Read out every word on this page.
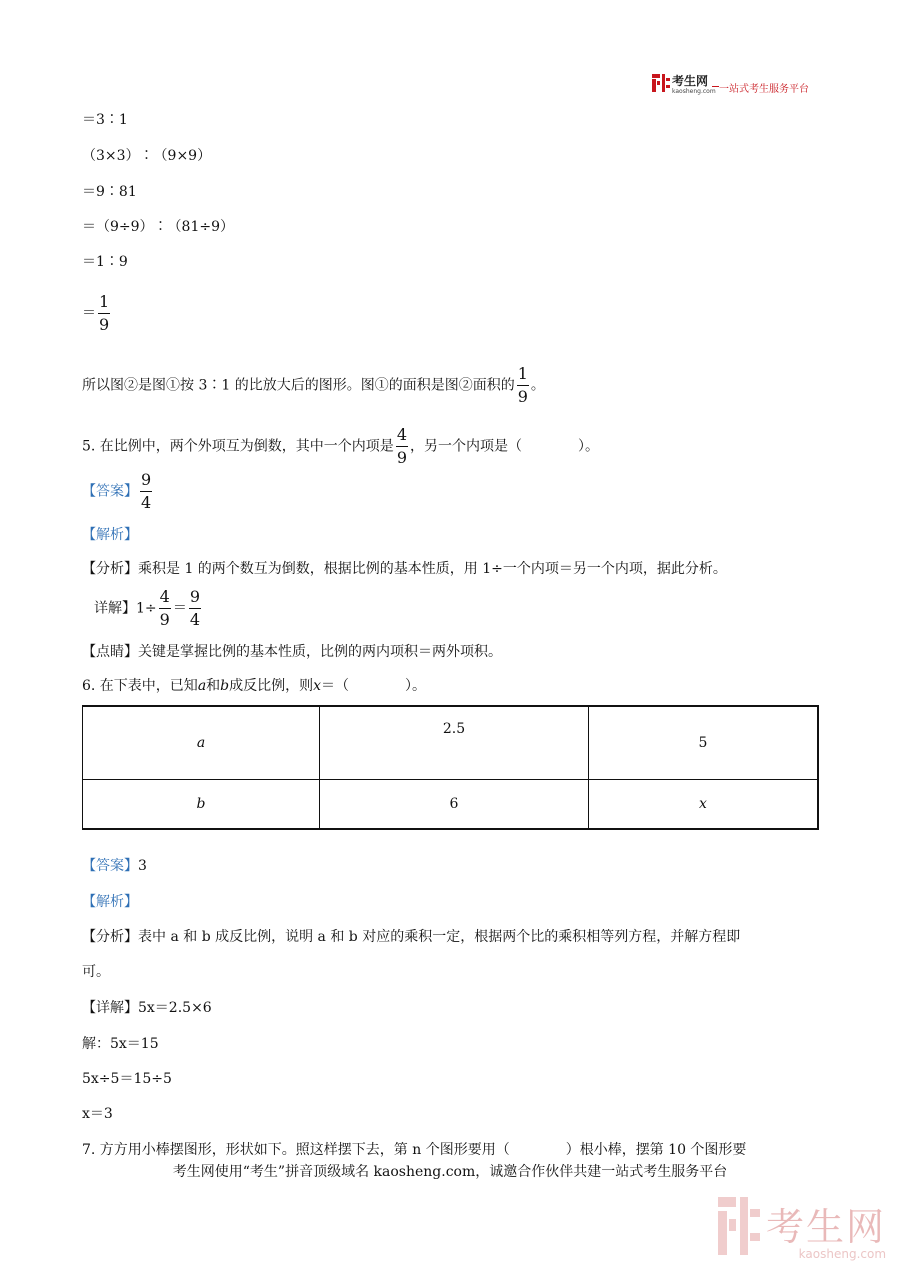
考生网
kaosheng.com 一站式考生服务平台
＝3∶1
（3×3）∶（9×9）
＝9∶81
＝（9÷9）∶（81÷9）
＝1∶9
＝ $\frac{1}{9}$
所以图②是图①按 3∶1 的比放大后的图形。图①的面积是图②面积的 $\frac{1}{9}$ 。
5. 在比例中，两个外项互为倒数，其中一个内项是 $\frac{4}{9}$ ，另一个内项是（　　　　）。
【答案】 $\frac{9}{4}$
【解析】
【分析】乘积是 1 的两个数互为倒数，根据比例的基本性质，用 1÷一个内项＝另一个内项，据此分析。
详解】$1\div \frac{4}{9} = \frac{9}{4}$
【点睛】关键是掌握比例的基本性质，比例的两内项积＝两外项积。
6. 在下表中，已知a和b成反比例，则x＝（　　　　）。
a	2.5	5
b	6	x
【答案】3
【解析】
【分析】表中 a 和 b 成反比例，说明 a 和 b 对应的乘积一定，根据两个比的乘积相等列方程，并解方程即
可。
【详解】5x＝2.5×6
解：5x＝15
5x÷5＝15÷5
x＝3
7. 方方用小棒摆图形，形状如下。照这样摆下去，第 n 个图形要用（　　　　）根小棒，摆第 10 个图形要
考生网使用“考生”拼音顶级域名 kaosheng.com，诚邀合作伙伴共建一站式考生服务平台
考生网
kaosheng.com
